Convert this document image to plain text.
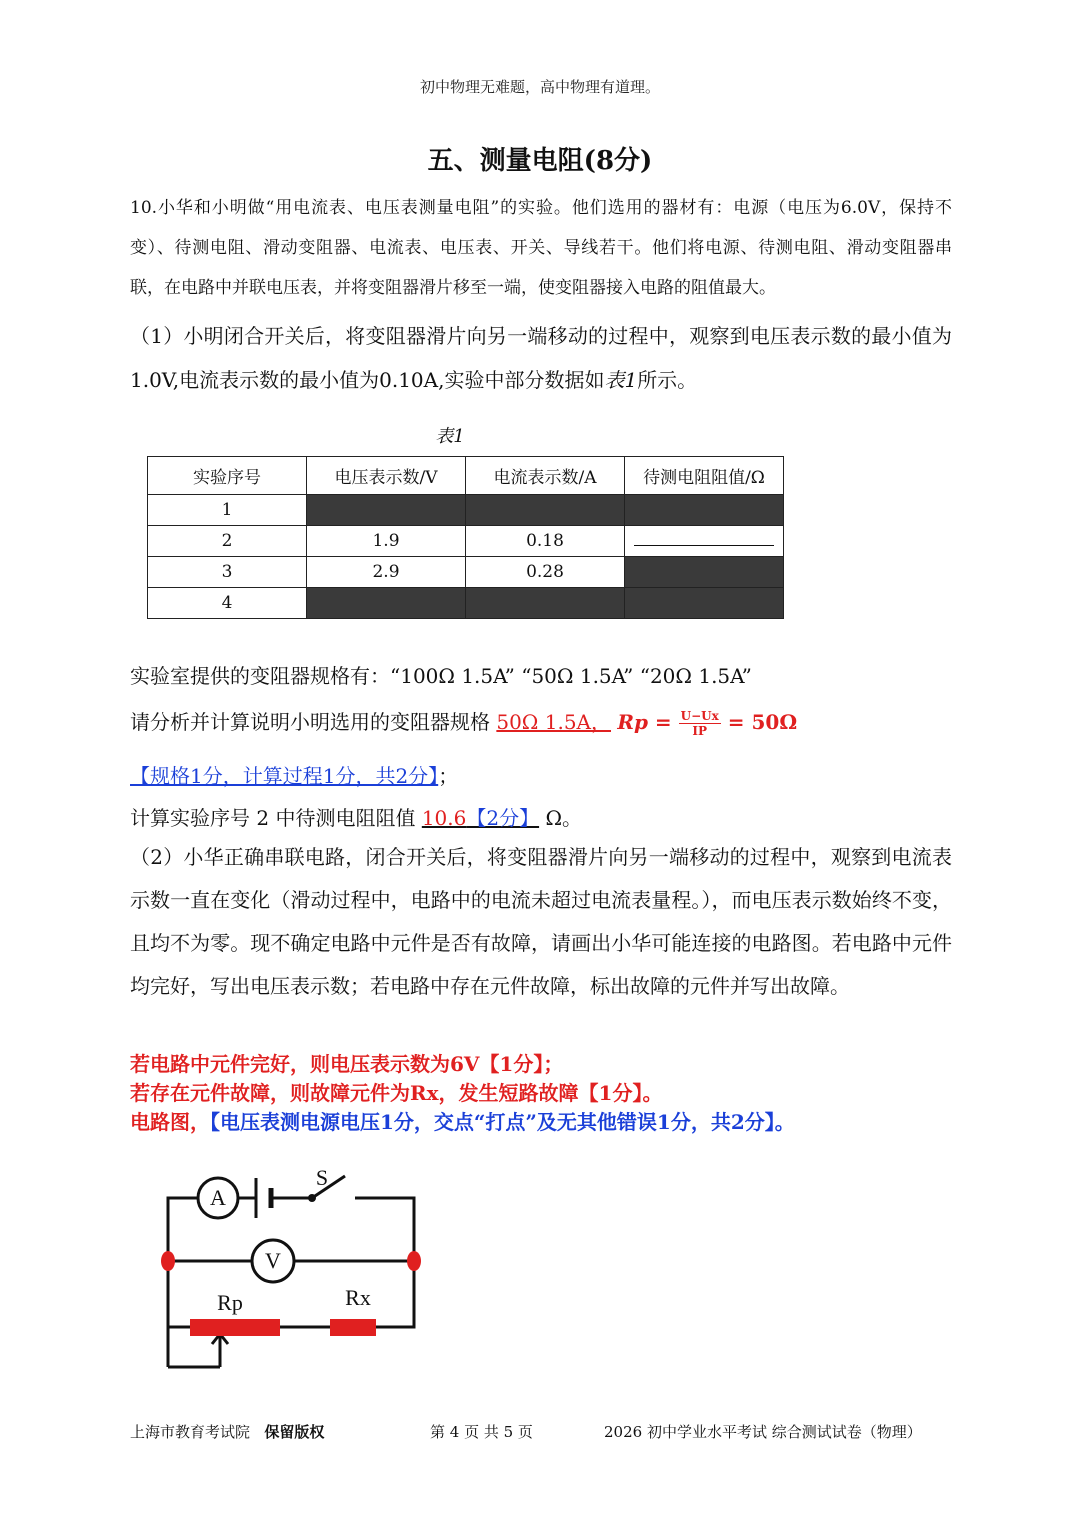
初中物理无难题，高中物理有道理。
五、测量电阻(8分)
10.小华和小明做“用电流表、电压表测量电阻”的实验。他们选用的器材有：电源（电压为6.0V，保持不变）、待测电阻、滑动变阻器、电流表、电压表、开关、导线若干。他们将电源、待测电阻、滑动变阻器串联，在电路中并联电压表，并将变阻器滑片移至一端，使变阻器接入电路的阻值最大。
（1）小明闭合开关后，将变阻器滑片向另一端移动的过程中，观察到电压表示数的最小值为1.0V,电流表示数的最小值为0.10A,实验中部分数据如表1所示。
表1
实验序号	电压表示数/V	电流表示数/A	待测电阻阻值/Ω
1			
2	1.9	0.18	
3	2.9	0.28	
4			
实验室提供的变阻器规格有：“100Ω 1.5A” “50Ω 1.5A” “20Ω 1.5A”
请分析并计算说明小明选用的变阻器规格 50Ω 1.5A， $Rp = \frac{U-Ux}{IP} = 50\Omega$
【规格1分，计算过程1分，共2分】；
计算实验序号 2 中待测电阻阻值 10.6【2分】 Ω。
（2）小华正确串联电路，闭合开关后，将变阻器滑片向另一端移动的过程中，观察到电流表示数一直在变化（滑动过程中，电路中的电流未超过电流表量程。），而电压表示数始终不变，且均不为零。现不确定电路中元件是否有故障，请画出小华可能连接的电路图。若电路中元件均完好，写出电压表示数；若电路中存在元件故障，标出故障的元件并写出故障。
若电路中元件完好，则电压表示数为6V【1分】；
若存在元件故障，则故障元件为Rx，发生短路故障【1分】。
电路图，【电压表测电源电压1分，交点“打点”及无其他错误1分，共2分】。
A
V
S
Rp	Rx
上海市教育考试院 保留版权	第 4 页 共 5 页	2026 初中学业水平考试 综合测试试卷（物理）
